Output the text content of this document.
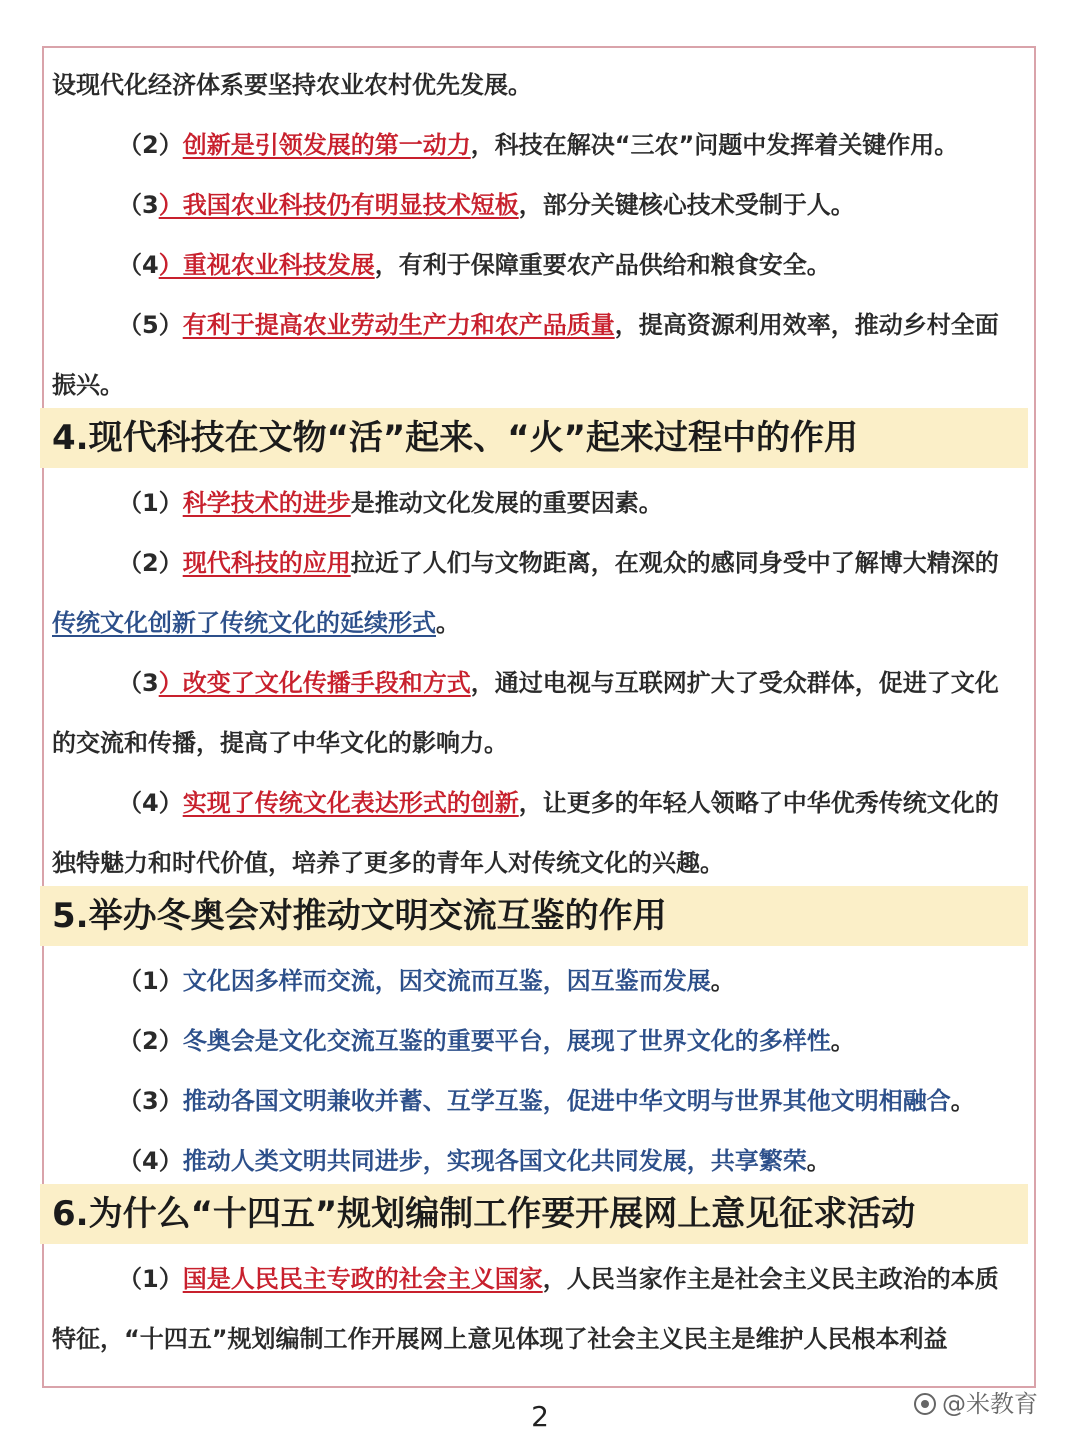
设现代化经济体系要坚持农业农村优先发展。
（2）创新是引领发展的第一动力，科技在解决“三农”问题中发挥着关键作用。
（3）我国农业科技仍有明显技术短板，部分关键核心技术受制于人。
（4）重视农业科技发展，有利于保障重要农产品供给和粮食安全。
（5）有利于提高农业劳动生产力和农产品质量，提高资源利用效率，推动乡村全面
振兴。
4.现代科技在文物“活”起来、“火”起来过程中的作用
（1）科学技术的进步是推动文化发展的重要因素。
（2）现代科技的应用拉近了人们与文物距离，在观众的感同身受中了解博大精深的
传统文化创新了传统文化的延续形式。
（3）改变了文化传播手段和方式，通过电视与互联网扩大了受众群体，促进了文化
的交流和传播，提高了中华文化的影响力。
（4）实现了传统文化表达形式的创新，让更多的年轻人领略了中华优秀传统文化的
独特魅力和时代价值，培养了更多的青年人对传统文化的兴趣。
5.举办冬奥会对推动文明交流互鉴的作用
（1）文化因多样而交流，因交流而互鉴，因互鉴而发展。
（2）冬奥会是文化交流互鉴的重要平台，展现了世界文化的多样性。
（3）推动各国文明兼收并蓄、互学互鉴，促进中华文明与世界其他文明相融合。
（4）推动人类文明共同进步，实现各国文化共同发展，共享繁荣。
6.为什么“十四五”规划编制工作要开展网上意见征求活动
（1）国是人民民主专政的社会主义国家，人民当家作主是社会主义民主政治的本质
特征，“十四五”规划编制工作开展网上意见体现了社会主义民主是维护人民根本利益
@米教育
2
